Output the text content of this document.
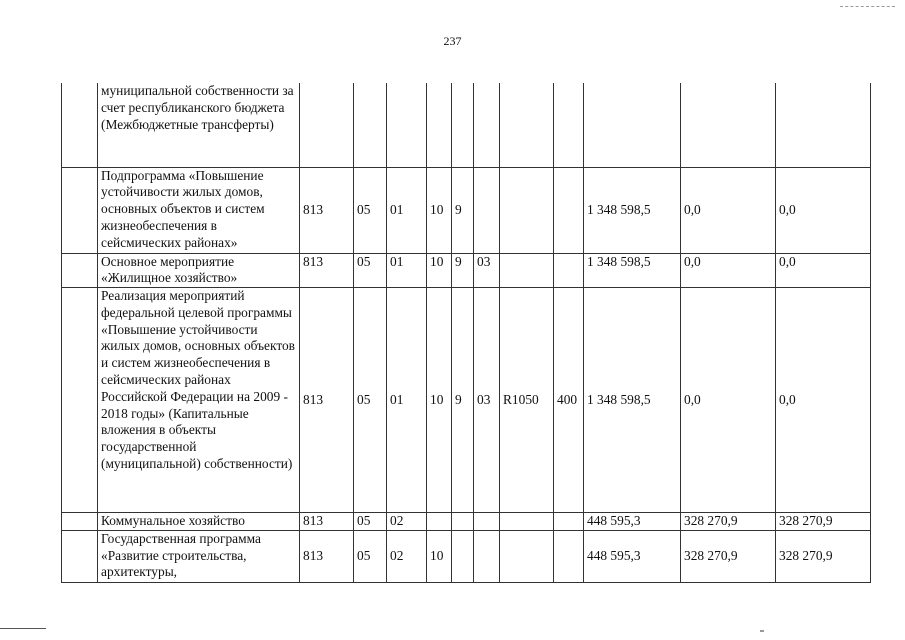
237
	муниципальной собственности за счет республиканского бюджета (Межбюджетные трансферты)											
	Подпрограмма «Повышение устойчивости жилых домов, основных объектов и систем жизнеобеспечения в сейсмических районах»	813	05	01	10	9				1 348 598,5	0,0	0,0
	Основное мероприятие «Жилищное хозяйство»	813	05	01	10	9	03			1 348 598,5	0,0	0,0
	Реализация мероприятий федеральной целевой программы «Повышение устойчивости жилых домов, основных объектов и систем жизнеобеспечения в сейсмических районах Российской Федерации на 2009 - 2018 годы» (Капитальные вложения в объекты государственной (муниципальной) собственности)	813	05	01	10	9	03	R1050	400	1 348 598,5	0,0	0,0
	Коммунальное хозяйство	813	05	02						448 595,3	328 270,9	328 270,9
	Государственная программа «Развитие строительства, архитектуры,	813	05	02	10					448 595,3	328 270,9	328 270,9
